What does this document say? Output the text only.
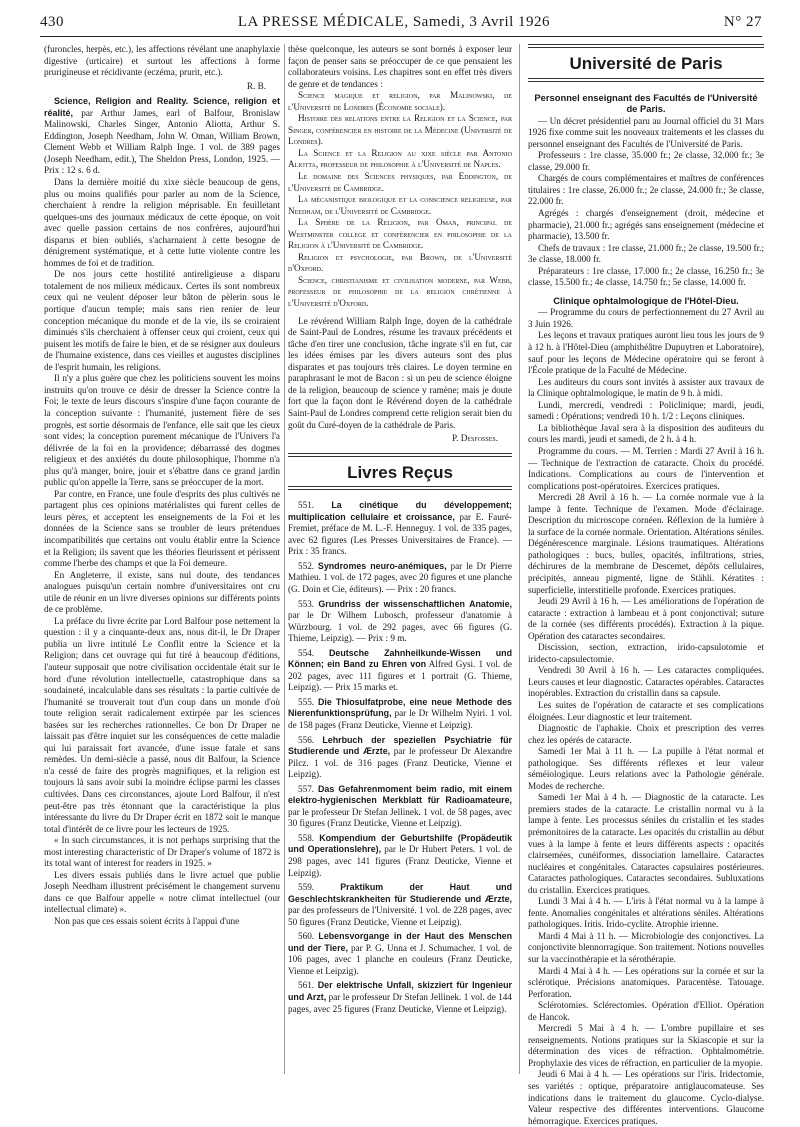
430	LA PRESSE MÉDICALE, Samedi, 3 Avril 1926	N° 27

(furoncles, herpès, etc.), les affections révélant une anaphylaxie digestive (urticaire) et surtout les affections à forme prurigineuse et récidivante (eczéma, prurit, etc.).

R. B.

Science, Religion and Reality. Science, religion et réalité, par Arthur James, earl of Balfour, Bronislaw Malinowski, Charles Singer, Antonio Aliotta, Arthur S. Eddington, Joseph Needham, John W. Oman, William Brown, Clement Webb et William Ralph Inge. 1 vol. de 389 pages (Joseph Needham, edit.), The Sheldon Press, London, 1925. — Prix : 12 s. 6 d.

Dans la dernière moitié du xixe siècle beaucoup de gens, plus ou moins qualifiés pour parler au nom de la Science, cherchaient à rendre la religion méprisable. En feuilletant quelques-uns des journaux médicaux de cette époque, on voit avec quelle passion certains de nos confrères, aujourd'hui disparus et bien oubliés, s'acharnaient à cette besogne de dénigrement systématique, et à cette lutte violente contre les hommes de foi et de tradition.

De nos jours cette hostilité antireligieuse a disparu totalement de nos milieux médicaux. Certes ils sont nombreux ceux qui ne veulent déposer leur bâton de pèlerin sous le portique d'aucun temple; mais sans rien renier de leur conception mécanique du monde et de la vie, ils se croiraient diminués s'ils cherchaient à offenser ceux qui croient, ceux qui puisent les motifs de faire le bien, et de se résigner aux douleurs de l'humaine existence, dans ces vieilles et augustes disciplines de l'esprit humain, les religions.

Il n'y a plus guère que chez les politiciens souvent les moins instruits qu'on trouve ce désir de dresser la Science contre la Foi; le texte de leurs discours s'inspire d'une façon courante de la conception suivante : l'humanité, justement fière de ses progrès, est sortie désormais de l'enfance, elle sait que les cieux sont vides; la conception purement mécanique de l'Univers l'a délivrée de la foi en la providence; débarrassé des dogmes religieux et des anxiétés du doute philosophique, l'homme n'a plus qu'à manger, boire, jouir et s'ébattre dans ce grand jardin public qu'on appelle la Terre, sans se préoccuper de la mort.

Par contre, en France, une foule d'esprits des plus cultivés ne partagent plus ces opinions matérialistes qui furent celles de leurs pères, et acceptent les enseignements de la Foi et les données de la Science sans se troubler de leurs prétendues incompatibilités que certains ont voulu établir entre la Science et la Religion; ils savent que les théories fleurissent et périssent comme l'herbe des champs et que la Foi demeure.

En Angleterre, il existe, sans nul doute, des tendances analogues puisqu'un certain nombre d'universitaires ont cru utile de réunir en un livre diverses opinions sur différents points de ce problème.

La préface du livre écrite par Lord Balfour pose nettement la question : il y a cinquante-deux ans, nous dit-il, le Dr Draper publia un livre intitulé Le Conflit entre la Science et la Religion; dans cet ouvrage qui fut tiré à beaucoup d'éditions, l'auteur supposait que notre civilisation occidentale était sur le bord d'une révolution intellectuelle, catastrophique dans sa soudaineté, incalculable dans ses résultats : la partie cultivée de l'humanité se trouverait tout d'un coup dans un monde d'où toute religion serait radicalement extirpée par les sciences basées sur les recherches rationnelles. Ce bon Dr Draper ne laissait pas d'être inquiet sur les conséquences de cette maladie qui lui paraissait fort avancée, d'une issue fatale et sans remèdes. Un demi-siècle a passé, nous dit Balfour, la Science n'a cessé de faire des progrès magnifiques, et la religion est toujours là sans avoir subi la moindre éclipse parmi les classes cultivées. Dans ces circonstances, ajoute Lord Balfour, il n'est peut-être pas très étonnant que la caractéristique la plus intéressante du livre du Dr Draper écrit en 1872 soit le manque total d'intérêt de ce livre pour les lecteurs de 1925.

« In such circumstances, it is not perhaps surprising that the most interesting characteristic of Dr Draper's volume of 1872 is its total want of interest for readers in 1925. »

Les divers essais publiés dans le livre actuel que publie Joseph Needham illustrent précisément le changement survenu dans ce que Balfour appelle « notre climat intellectuel (our intellectual climate) ».

Non pas que ces essais soient écrits à l'appui d'une

thèse quelconque, les auteurs se sont bornés à exposer leur façon de penser sans se préoccuper de ce que pensaient les collaborateurs voisins. Les chapitres sont en effet très divers de genre et de tendances :

Science magique et religion, par Malinowski, de l'Université de Londres (Économie sociale).

Histoire des relations entre la Religion et la Science, par Singer, conférencier en histoire de la Médecine (Université de Londres).

La Science et la Religion au xixe siècle par Antonio Aliotta, professeur de philosophie à l'Université de Naples.

Le domaine des Sciences physiques, par Eddington, de l'Université de Cambridge.

La mécanistique biologique et la conscience religieuse, par Needham, de l'Université de Cambridge.

La Sphère de la Religion, par Oman, principal de Westminster college et conférencier en philosophie de la Religion à l'Université de Cambridge.

Religion et psychologie, par Brown, de l'Université d'Oxford.

Science, christianisme et civilisation moderne, par Webb, professeur de philosophie de la religion chrétienne à l'Université d'Oxford.

Le révérend William Ralph Inge, doyen de la cathédrale de Saint-Paul de Londres, résume les travaux précédents et tâche d'en tirer une conclusion, tâche ingrate s'il en fut, car les idées émises par les divers auteurs sont des plus disparates et pas toujours très claires. Le doyen termine en paraphrasant le mot de Bacon : si un peu de science éloigne de la religion, beaucoup de science y ramène; mais je doute fort que la façon dont le Révérend doyen de la cathédrale Saint-Paul de Londres comprend cette religion serait bien du goût du Curé-doyen de la cathédrale de Paris.

P. Desfosses.
Livres Reçus

551. La cinétique du développement; multiplication cellulaire et croissance, par E. Fauré-Fremiet, préface de M. L.-F. Henneguy. 1 vol. de 335 pages, avec 62 figures (Les Presses Universitaires de France). — Prix : 35 francs.

552. Syndromes neuro-anémiques, par le Dr Pierre Mathieu. 1 vol. de 172 pages, avec 20 figures et une planche (G. Doin et Cie, éditeurs). — Prix : 20 francs.

553. Grundriss der wissenschaftlichen Anatomie, par le Dr Wilhem Lubosch, professeur d'anatomie à Würzbourg. 1 vol. de 292 pages, avec 66 figures (G. Thieme, Leipzig). — Prix : 9 m.

554. Deutsche Zahnheilkunde-Wissen und Können; ein Band zu Ehren von Alfred Gysi. 1 vol. de 202 pages, avec 111 figures et 1 portrait (G. Thieme, Leipzig). — Prix 15 marks et.

555. Die Thiosulfatprobe, eine neue Methode des Nierenfunktionsprüfung, par le Dr Wilhelm Nyiri. 1 vol. de 158 pages (Franz Deuticke, Vienne et Leipzig).

556. Lehrbuch der speziellen Psychiatrie für Studierende und Ærzte, par le professeur Dr Alexandre Pilcz. 1 vol. de 316 pages (Franz Deuticke, Vienne et Leipzig).

557. Das Gefahrenmoment beim radio, mit einem elektro-hygienischen Merkblatt für Radioamateure, par le professeur Dr Stefan Jellinek. 1 vol. de 58 pages, avec 30 figures (Franz Deuticke, Vienne et Leipzig).

558. Kompendium der Geburtshilfe (Propädeutik und Operationslehre), par le Dr Hubert Peters. 1 vol. de 298 pages, avec 141 figures (Franz Deuticke, Vienne et Leipzig).

559.	Praktikum der Haut und Geschlechtskrankheiten für Studierende und Ærzte, par des professeurs de l'Université. 1 vol. de 228 pages, avec 50 figures (Franz Deuticke, Vienne et Leipzig).

560. Lebensvorgange in der Haut des Menschen und der Tiere, par P. G. Unna et J. Schumacher. 1 vol. de 106 pages, avec 1 planche en couleurs (Franz Deuticke, Vienne et Leipzig).

561. Der elektrische Unfall, skizziert für Ingenieur und Arzt, par le professeur Dr Stefan Jellinek. 1 vol. de 144 pages, avec 25 figures (Franz Deuticke, Vienne et Leipzig).

Université de Paris
Personnel enseignant des Facultés de l'Université de Paris.

— Un décret présidentiel paru au Journal officiel du 31 Mars 1926 fixe comme suit les nouveaux traitements et les classes du personnel enseignant des Facultés de l'Université de Paris.

Professeurs : 1re classe, 35.000 fr.; 2e classe, 32.000 fr.; 3e classe, 29.000 fr.

Chargés de cours complémentaires et maîtres de conférences titulaires : 1re classe, 26.000 fr.; 2e classe, 24.000 fr.; 3e classe, 22.000 fr.

Agrégés : chargés d'enseignement (droit, médecine et pharmacie), 21.000 fr.; agrégés sans enseignement (médecine et pharmacie), 13.500 fr.

Chefs de travaux : 1re classe, 21.000 fr.; 2e classe, 19.500 fr.; 3e classe, 18.000 fr.

Préparateurs : 1re classe, 17.000 fr.; 2e classe, 16.250 fr.; 3e classe, 15.500 fr.; 4e classe, 14.750 fr.; 5e classe, 14.000 fr.

Clinique ophtalmologique de l'Hôtel-Dieu.

— Programme du cours de perfectionnement du 27 Avril au 3 Juin 1926.

Les leçons et travaux pratiques auront lieu tous les jours de 9 à 12 h. à l'Hôtel-Dieu (amphithéâtre Dupuytren et Laboratoire), sauf pour les leçons de Médecine opératoire qui se feront à l'École pratique de la Faculté de Médecine.

Les auditeurs du cours sont invités à assister aux travaux de la Clinique ophtalmologique, le matin de 9 h. à midi.

Lundi, mercredi, vendredi : Policlinique; mardi, jeudi, samedi : Opérations; vendredi 10 h. 1/2 : Leçons cliniques.

La bibliothèque Javal sera à la disposition des auditeurs du cours les mardi, jeudi et samedi, de 2 h. à 4 h.

Programme du cours. — M. Terrien : Mardi 27 Avril à 16 h. — Technique de l'extraction de cataracte. Choix du procédé. Indications. Complications au cours de l'intervention et complications post-opératoires. Exercices pratiques.

Mercredi 28 Avril à 16 h. — La cornée normale vue à la lampe à fente. Technique de l'examen. Mode d'éclairage. Description du microscope cornéen. Réflexion de la lumière à la surface de la cornée normale. Orientation. Altérations séniles. Dégénérescence marginale. Lésions traumatiques. Altérations pathologiques : bucs, bulles, opacités, infiltrations, stries, déchirures de la membrane de Descemet, dépôts cellulaires, précipités, anneau pigmenté, ligne de Stähli. Kératites : superficielle, interstitielle profonde. Exercices pratiques.

Jeudi 29 Avril à 16 h. — Les améliorations de l'opération de cataracte : extraction à lambeau et à pont conjonctival; suture de la cornée (ses différents procédés). Extraction à la pique. Opération des cataractes secondaires.

Discission, section, extraction, irido-capsulotomie et iridecto-capsulectomie.

Vendredi 30 Avril à 16 h. — Les cataractes compliquées. Leurs causes et leur diagnostic. Cataractes opérables. Cataractes inopérables. Extraction du cristallin dans sa capsule.

Les suites de l'opération de cataracte et ses complications éloignées. Leur diagnostic et leur traitement.

Diagnostic de l'aphakie. Choix et prescription des verres chez les opérés de cataracte.

Samedi 1er Mai à 11 h. — La pupille à l'état normal et pathologique. Ses différents réflexes et leur valeur séméiologique. Leurs relations avec la Pathologie générale. Modes de recherche.

Samedi 1er Mai à 4 h. — Diagnostic de la cataracte. Les premiers stades de la cataracte. Le cristallin normal vu à la lampe à fente. Les processus séniles du cristallin et les stades prémonitoires de la cataracte. Les opacités du cristallin au début vues à la lampe à fente et leurs différents aspects : opacités clairsemées, cunéiformes, dissociation lamellaire. Cataractes nucléaires et congénitales. Cataractes capsulaires postérieures. Cataractes pathologiques. Cataractes secondaires. Subluxations du cristallin. Exercices pratiques.

Lundi 3 Mai à 4 h. — L'iris à l'état normal vu à la lampe à fente. Anomalies congénitales et altérations séniles. Altérations pathologiques. Iritis. Irido-cyclite. Atrophie irienne.

Mardi 4 Mai à 11 h. — Microbiologie des conjonctives. La conjonctivite blennorragique. Son traitement. Notions nouvelles sur la vaccinothérapie et la sérothérapie.

Mardi 4 Mai à 4 h. — Les opérations sur la cornée et sur la sclérotique. Précisions anatomiques. Paracentèse. Tatouage. Perforation.

Sclérotomies. Sclérectomies. Opération d'Elliot. Opération de Hancok.

Mercredi 5 Mai à 4 h. — L'ombre pupillaire et ses renseignements. Notions pratiques sur la Skiascopie et sur la détermination des vices de réfraction. Ophtalmométrie. Prophylaxie des vices de réfraction, en particulier de la myopie.

Jeudi 6 Mai à 4 h. — Les opérations sur l'iris. Iridectomie, ses variétés : optique, préparatoire antiglaucomateuse. Ses indications dans le traitement du glaucome. Cyclo-dialyse. Valeur respective des différentes interventions. Glaucome hémorragique. Exercices pratiques.
